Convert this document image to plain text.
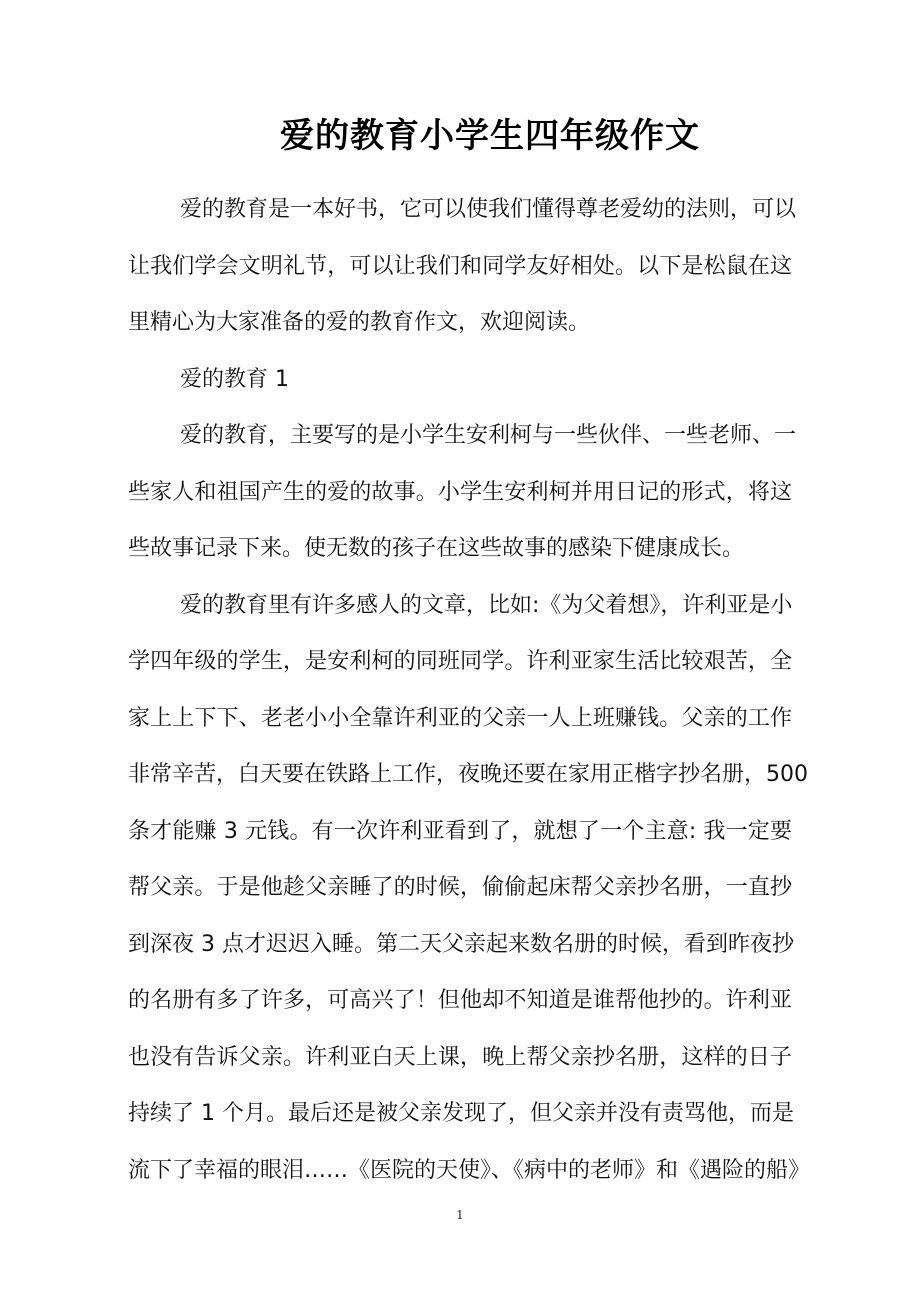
爱的教育小学生四年级作文
爱的教育是一本好书，它可以使我们懂得尊老爱幼的法则，可以
让我们学会文明礼节，可以让我们和同学友好相处。以下是松鼠在这
里精心为大家准备的爱的教育作文，欢迎阅读。
爱的教育 1
爱的教育，主要写的是小学生安利柯与一些伙伴、一些老师、一
些家人和祖国产生的爱的故事。小学生安利柯并用日记的形式，将这
些故事记录下来。使无数的孩子在这些故事的感染下健康成长。
爱的教育里有许多感人的文章，比如:《为父着想》，许利亚是小
学四年级的学生，是安利柯的同班同学。许利亚家生活比较艰苦，全
家上上下下、老老小小全靠许利亚的父亲一人上班赚钱。父亲的工作
非常辛苦，白天要在铁路上工作，夜晚还要在家用正楷字抄名册，500
条才能赚 3 元钱。有一次许利亚看到了，就想了一个主意: 我一定要
帮父亲。于是他趁父亲睡了的时候，偷偷起床帮父亲抄名册，一直抄
到深夜 3 点才迟迟入睡。第二天父亲起来数名册的时候，看到昨夜抄
的名册有多了许多，可高兴了！但他却不知道是谁帮他抄的。许利亚
也没有告诉父亲。许利亚白天上课，晚上帮父亲抄名册，这样的日子
持续了 1 个月。最后还是被父亲发现了，但父亲并没有责骂他，而是
流下了幸福的眼泪……《医院的天使》、《病中的老师》和《遇险的船》
1
